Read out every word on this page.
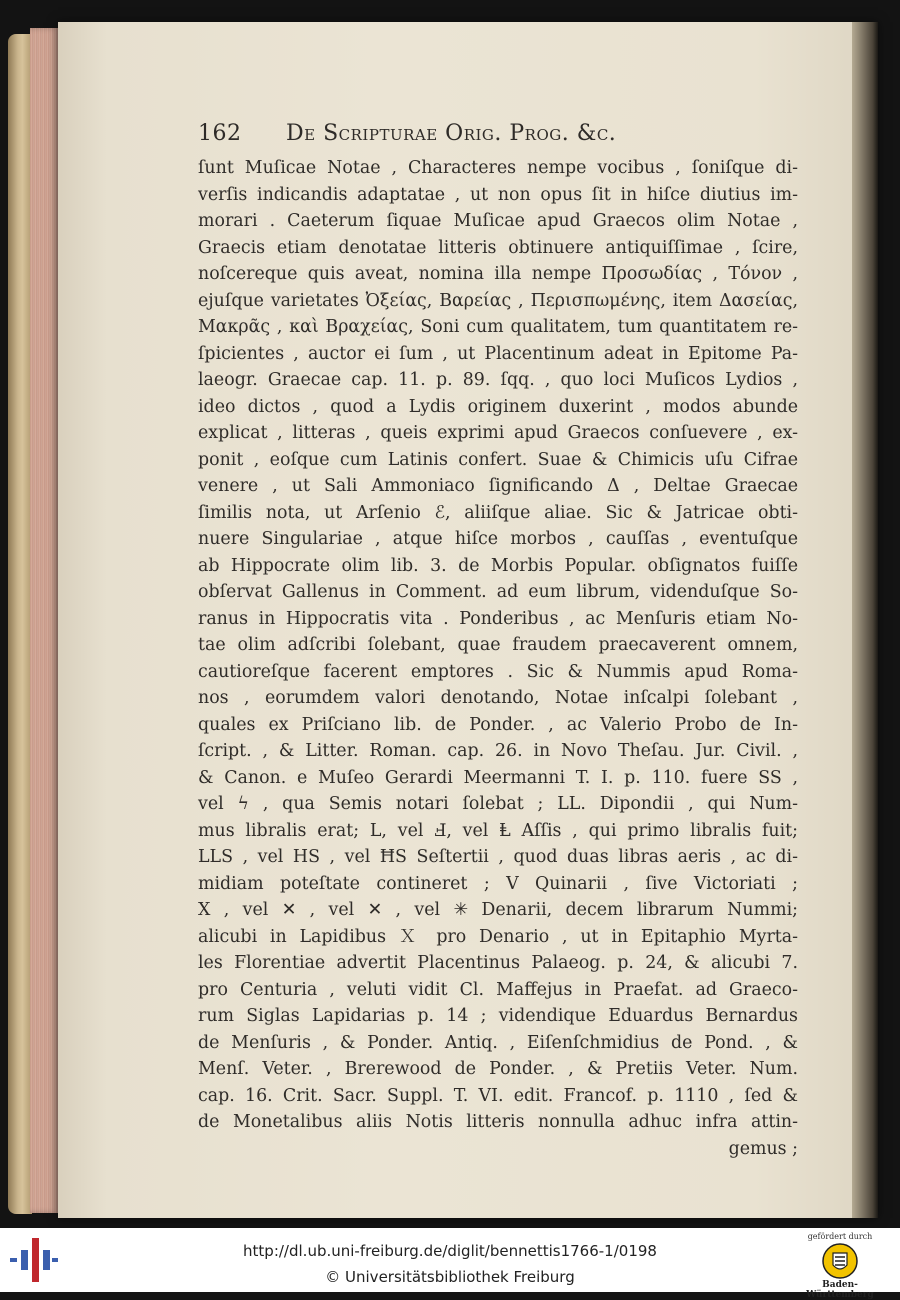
162 De Scripturae Orig. Prog. &c.
ſunt Muſicae Notae , Characteres nempe vocibus , ſoniſque di-
verſis indicandis adaptatae , ut non opus ſit in hiſce diutius im-
morari . Caeterum ſiquae Muſicae apud Graecos olim Notae ,
Graecis etiam denotatae litteris obtinuere antiquiſſimae , ſcire,
noſcereque quis aveat, nomina illa nempe Προσωδίας , Τόνον ,
ejuſque varietates Ὀξείας, Βαρείας , Περισπωμένης, item Δασείας,
Μακρᾶς , καὶ Βραχείας, Soni cum qualitatem, tum quantitatem re-
ſpicientes , auctor ei ſum , ut Placentinum adeat in Epitome Pa-
laeogr. Graecae cap. 11. p. 89. ſqq. , quo loci Muſicos Lydios ,
ideo dictos , quod a Lydis originem duxerint , modos abunde
explicat , litteras , queis exprimi apud Graecos conſuevere , ex-
ponit , eoſque cum Latinis confert. Suae & Chimicis uſu Cifrae
venere , ut Sali Ammoniaco ſignificando Δ , Deltae Graecae
ſimilis nota, ut Arſenio ℰ, aliiſque aliae. Sic & Jatricae obti-
nuere Singulariae , atque hiſce morbos , cauſſas , eventuſque
ab Hippocrate olim lib. 3. de Morbis Popular. obſignatos fuiſſe
obſervat Gallenus in Comment. ad eum librum, videnduſque So-
ranus in Hippocratis vita . Ponderibus , ac Menſuris etiam No-
tae olim adſcribi ſolebant, quae fraudem praecaverent omnem,
cautioreſque facerent emptores . Sic & Nummis apud Roma-
nos , eorumdem valori denotando, Notae inſcalpi ſolebant ,
quales ex Priſciano lib. de Ponder. , ac Valerio Probo de In-
ſcript. , & Litter. Roman. cap. 26. in Novo Theſau. Jur. Civil. ,
& Canon. e Muſeo Gerardi Meermanni T. I. p. 110. fuere SS ,
vel ϟ , qua Semis notari ſolebat ; LL. Dipondii , qui Num-
mus libralis erat; L, vel Ⅎ, vel Ⱡ Aſſis , qui primo libralis fuit;
LLS , vel HS , vel ĦS Seſtertii , quod duas libras aeris , ac di-
midiam poteſtate contineret ; V Quinarii , ſive Victoriati ;
X , vel ✕ , vel ✕ , vel ✳ Denarii, decem librarum Nummi;
alicubi in Lapidibus Ｘ pro Denario , ut in Epitaphio Myrta-
les Florentiae advertit Placentinus Palaeog. p. 24, & alicubi 7.
pro Centuria , veluti vidit Cl. Maffejus in Praefat. ad Graeco-
rum Siglas Lapidarias p. 14 ; videndique Eduardus Bernardus
de Menſuris , & Ponder. Antiq. , Eiſenſchmidius de Pond. , &
Menſ. Veter. , Brerewood de Ponder. , & Pretiis Veter. Num.
cap. 16. Crit. Sacr. Suppl. T. VI. edit. Francof. p. 1110 , ſed &
de Monetalibus aliis Notis litteris nonnulla adhuc infra attin-
gemus ;
http://dl.ub.uni-freiburg.de/diglit/bennettis1766-1/0198
© Universitätsbibliothek Freiburg
gefördert durch
Baden-Württemberg
